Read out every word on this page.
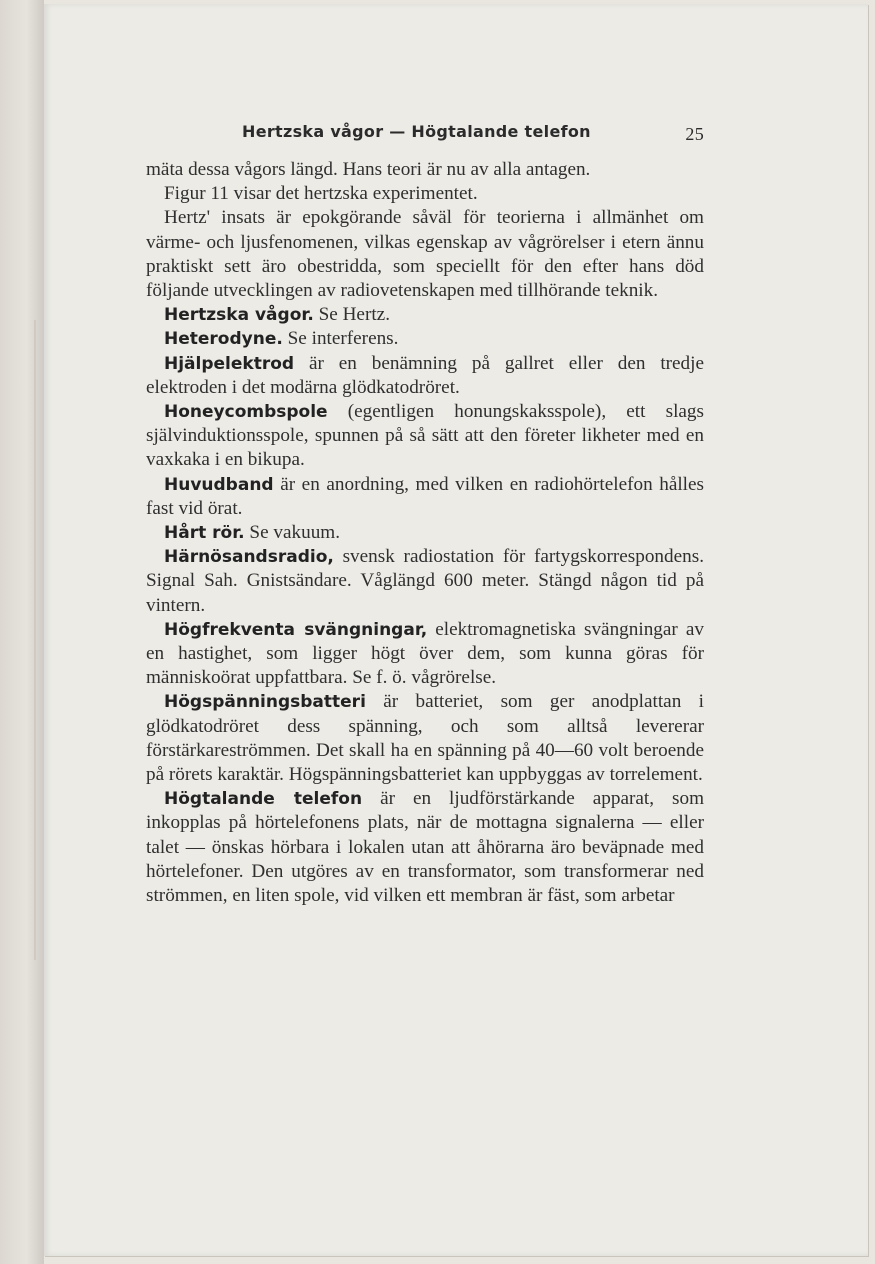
Hertzska vågor — Högtalande telefon	25

mäta dessa vågors längd. Hans teori är nu av alla antagen.

Figur 11 visar det hertzska experimentet.

Hertz' insats är epokgörande såväl för teorierna i allmänhet om värme- och ljusfenomenen, vilkas egenskap av vågrörelser i etern ännu praktiskt sett äro obestridda, som speciellt för den efter hans död följande utvecklingen av radiovetenskapen med tillhörande teknik.

Hertzska vågor. Se Hertz.

Heterodyne. Se interferens.

Hjälpelektrod är en benämning på gallret eller den tredje elektroden i det modärna glödkatodröret.

Honeycombspole (egentligen honungskaksspole), ett slags självinduktionsspole, spunnen på så sätt att den företer likheter med en vaxkaka i en bikupa.

Huvudband är en anordning, med vilken en radiohörtelefon hålles fast vid örat.

Hårt rör. Se vakuum.

Härnösandsradio, svensk radiostation för fartygskorrespondens. Signal Sah. Gnistsändare. Våglängd 600 meter. Stängd någon tid på vintern.

Högfrekventa svängningar, elektromagnetiska svängningar av en hastighet, som ligger högt över dem, som kunna göras för människoörat uppfattbara. Se f. ö. vågrörelse.

Högspänningsbatteri är batteriet, som ger anodplattan i glödkatodröret dess spänning, och som alltså levererar förstärkareströmmen. Det skall ha en spänning på 40—60 volt beroende på rörets karaktär. Högspänningsbatteriet kan uppbyggas av torrelement.

Högtalande telefon är en ljudförstärkande apparat, som inkopplas på hörtelefonens plats, när de mottagna signalerna — eller talet — önskas hörbara i lokalen utan att åhörarna äro beväpnade med hörtelefoner. Den utgöres av en transformator, som transformerar ned strömmen, en liten spole, vid vilken ett membran är fäst, som arbetar
